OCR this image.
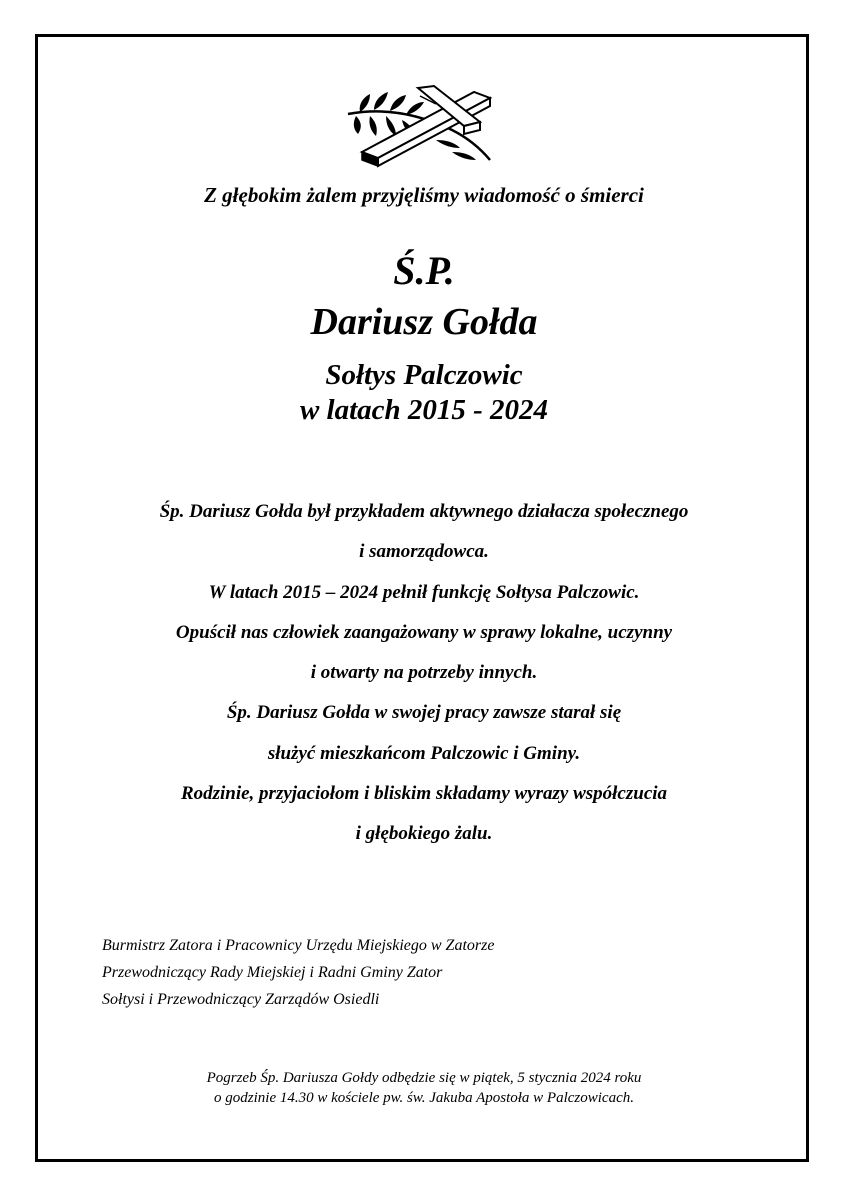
Z głębokim żalem przyjęliśmy wiadomość o śmierci
Ś.P.
Dariusz Gołda
Sołtys Palczowic
w latach 2015 - 2024
Śp. Dariusz Gołda był przykładem aktywnego działacza społecznego
i samorządowca.
W latach 2015 – 2024 pełnił funkcję Sołtysa Palczowic.
Opuścił nas człowiek zaangażowany w sprawy lokalne, uczynny
i otwarty na potrzeby innych.
Śp. Dariusz Gołda w swojej pracy zawsze starał się
służyć mieszkańcom Palczowic i Gminy.
Rodzinie, przyjaciołom i bliskim składamy wyrazy współczucia
i głębokiego żalu.
Burmistrz Zatora i Pracownicy Urzędu Miejskiego w Zatorze
Przewodniczący Rady Miejskiej i Radni Gminy Zator
Sołtysi i Przewodniczący Zarządów Osiedli
Pogrzeb Śp. Dariusza Gołdy odbędzie się w piątek, 5 stycznia 2024 roku
o godzinie 14.30 w kościele pw. św. Jakuba Apostoła w Palczowicach.
